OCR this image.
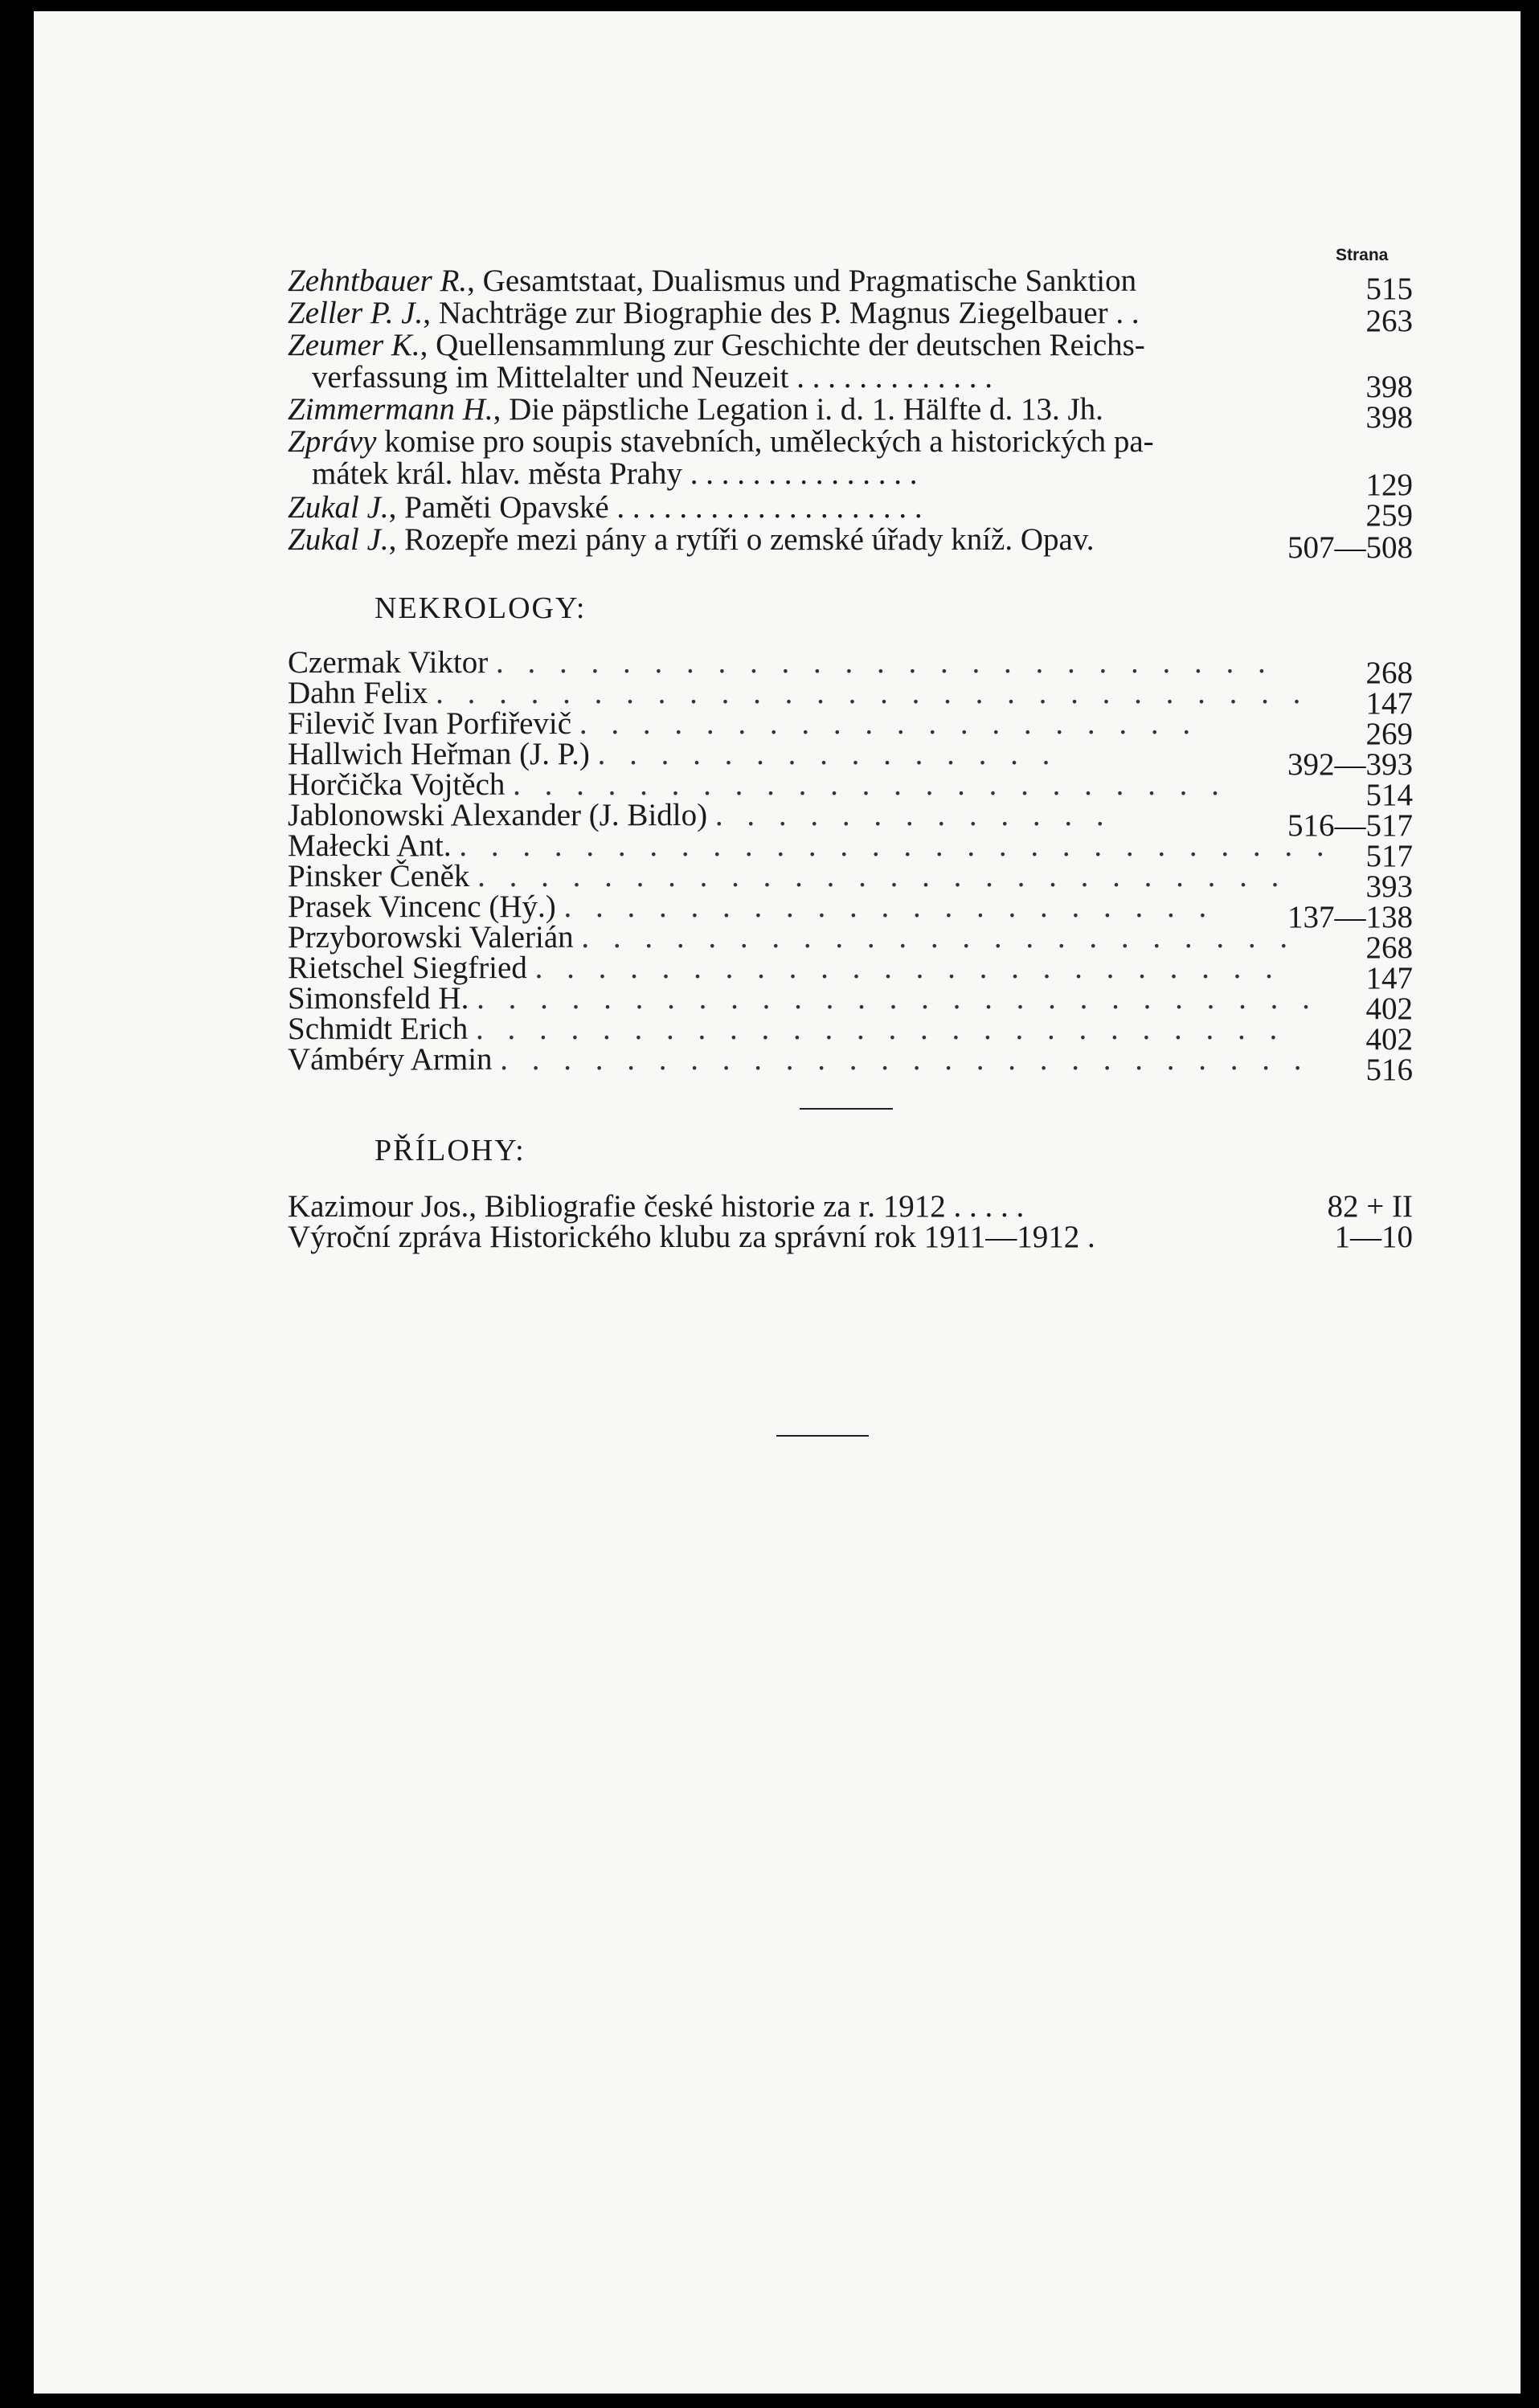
Strana
Zehntbauer R., Gesamtstaat, Dualismus und Pragmatische Sanktion	515
Zeller P. J., Nachträge zur Biographie des P. Magnus Ziegelbauer . .	263
Zeumer K., Quellensammlung zur Geschichte der deutschen Reichs-
verfassung im Mittelalter und Neuzeit . . . . . . . . . . . . .	398
Zimmermann H., Die päpstliche Legation i. d. 1. Hälfte d. 13. Jh.	398
Zprávy komise pro soupis stavebních, uměleckých a historických pa-
mátek král. hlav. města Prahy . . . . . . . . . . . . . . .	129
Zukal J., Paměti Opavské . . . . . . . . . . . . . . . . . . . .	259
Zukal J., Rozepře mezi pány a rytíři o zemské úřady kníž. Opav.	507—508
NEKROLOGY:
Czermak Viktor . . . . . . . . . . . . . . . . . . . . . . . . .	268
Dahn Felix . . . . . . . . . . . . . . . . . . . . . . . . . . . .	147
Filevič Ivan Porfiřevič . . . . . . . . . . . . . . . . . . . .	269
Hallwich Heřman (J. P.) . . . . . . . . . . . . . . .	392—393
Horčička Vojtěch . . . . . . . . . . . . . . . . . . . . . . .	514
Jablonowski Alexander (J. Bidlo) . . . . . . . . . . . . .	516—517
Małecki Ant. . . . . . . . . . . . . . . . . . . . . . . . . . . . .	517
Pinsker Čeněk . . . . . . . . . . . . . . . . . . . . . . . . . .	393
Prasek Vincenc (Hý.) . . . . . . . . . . . . . . . . . . . . .	137—138
Przyborowski Valerián . . . . . . . . . . . . . . . . . . . . . . .	268
Rietschel Siegfried . . . . . . . . . . . . . . . . . . . . . . . .	147
Simonsfeld H. . . . . . . . . . . . . . . . . . . . . . . . . . . .	402
Schmidt Erich . . . . . . . . . . . . . . . . . . . . . . . . . .	402
Vámbéry Armin . . . . . . . . . . . . . . . . . . . . . . . . . .	516
PŘÍLOHY:
Kazimour Jos., Bibliografie české historie za r. 1912 . . . . .	82 + II
Výroční zpráva Historického klubu za správní rok 1911—1912 .	1—10
